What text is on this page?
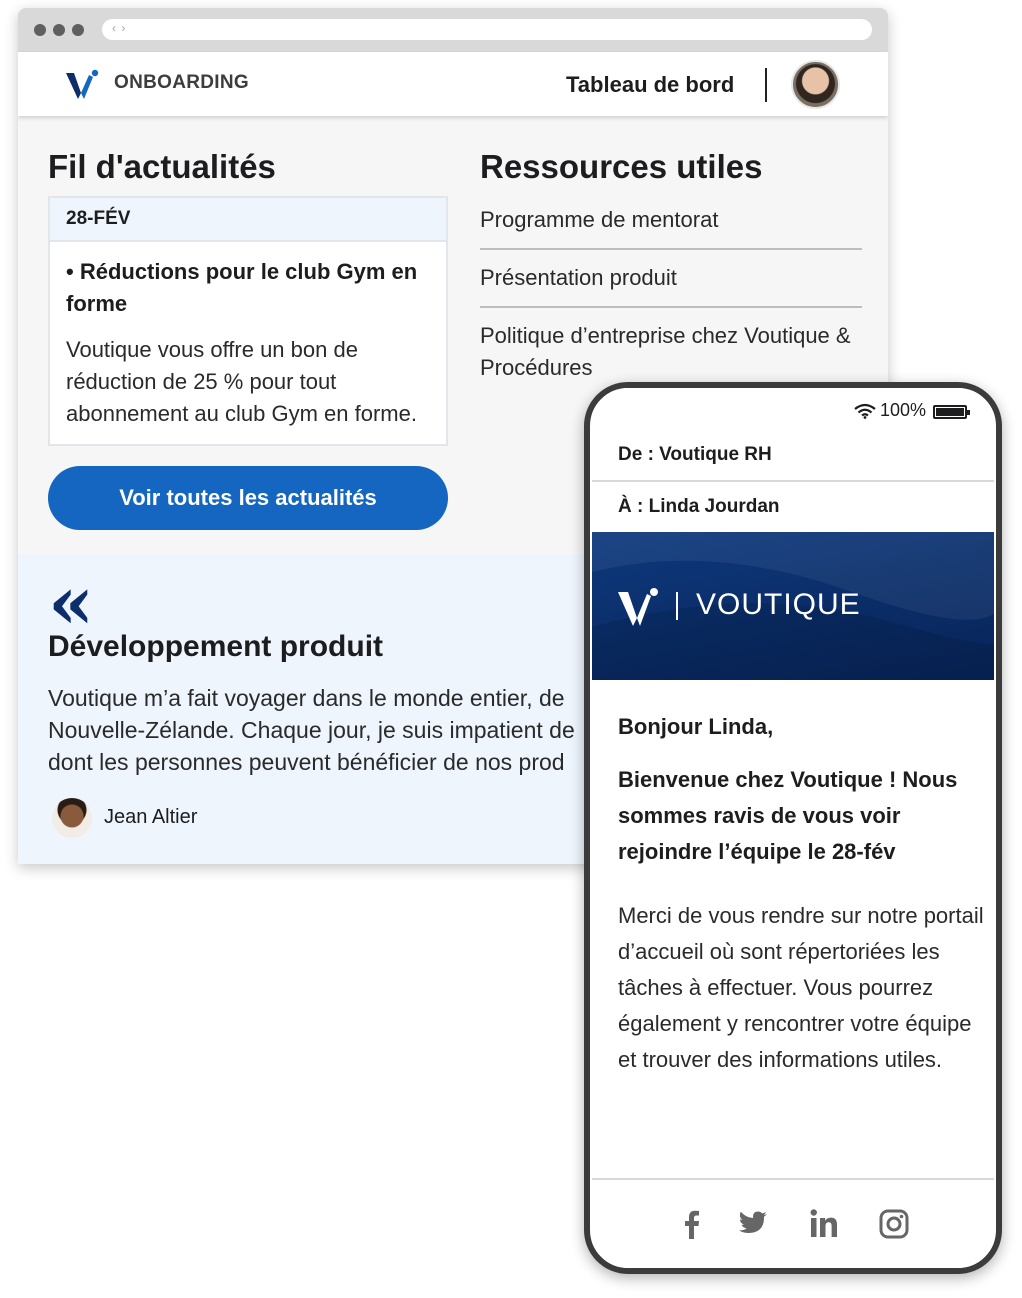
‹ ›
ONBOARDING	Tableau de bord
Fil d'actualités
28-FÉV
• Réductions pour le club Gym en forme
Voutique vous offre un bon de réduction de 25 % pour tout abonnement au club Gym en forme.
Voir toutes les actualités
Ressources utiles
Programme de mentorat
Présentation produit
Politique d’entreprise chez Voutique & Procédures
«
Développement produit
Voutique m’a fait voyager dans le monde entier, de
Nouvelle-Zélande. Chaque jour, je suis impatient de
dont les personnes peuvent bénéficier de nos prod
Jean Altier
100%
De : Voutique RH
À : Linda Jourdan
VOUTIQUE
Bonjour Linda,
Bienvenue chez Voutique ! Nous sommes ravis de vous voir rejoindre l’équipe le 28-fév
Merci de vous rendre sur notre portail d’accueil où sont répertoriées les tâches à effectuer. Vous pourrez également y rencontrer votre équipe et trouver des informations utiles.
